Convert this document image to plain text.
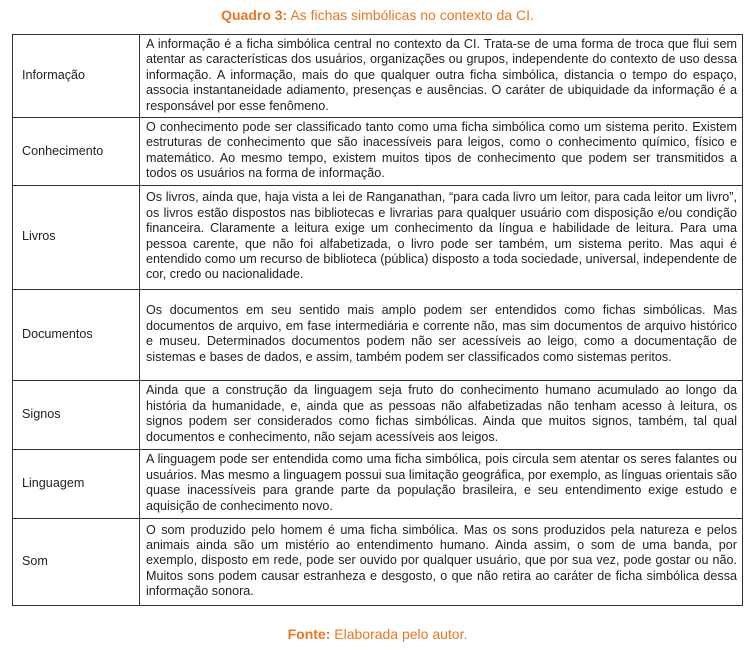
Quadro 3: As fichas simbólicas no contexto da CI.
Informação	A informação é a ficha simbólica central no contexto da CI. Trata-se de uma forma de troca que flui sem atentar as características dos usuários, organizações ou grupos, independente do contexto de uso dessa informação. A informação, mais do que qualquer outra ficha simbólica, distancia o tempo do espaço, associa instantaneidade adiamento, presenças e ausências. O caráter de ubiquidade da informação é a responsável por esse fenômeno.
Conhecimento	O conhecimento pode ser classificado tanto como uma ficha simbólica como um sistema perito. Existem estruturas de conhecimento que são inacessíveis para leigos, como o conhecimento químico, físico e matemático. Ao mesmo tempo, existem muitos tipos de conhecimento que podem ser transmitidos a todos os usuários na forma de informação.
Livros	Os livros, ainda que, haja vista a lei de Ranganathan, “para cada livro um leitor, para cada leitor um livro”, os livros estão dispostos nas bibliotecas e livrarias para qualquer usuário com disposição e/ou condição financeira. Claramente a leitura exige um conhecimento da língua e habilidade de leitura. Para uma pessoa carente, que não foi alfabetizada, o livro pode ser também, um sistema perito. Mas aqui é entendido como um recurso de biblioteca (pública) disposto a toda sociedade, universal, independente de cor, credo ou nacionalidade.
Documentos	Os documentos em seu sentido mais amplo podem ser entendidos como fichas simbólicas. Mas documentos de arquivo, em fase intermediária e corrente não, mas sim documentos de arquivo histórico e museu. Determinados documentos podem não ser acessíveis ao leigo, como a documentação de sistemas e bases de dados, e assim, também podem ser classificados como sistemas peritos.
Signos	Ainda que a construção da linguagem seja fruto do conhecimento humano acumulado ao longo da história da humanidade, e, ainda que as pessoas não alfabetizadas não tenham acesso à leitura, os signos podem ser considerados como fichas simbólicas. Ainda que muitos signos, também, tal qual documentos e conhecimento, não sejam acessíveis aos leigos.
Linguagem	A linguagem pode ser entendida como uma ficha simbólica, pois circula sem atentar os seres falantes ou usuários. Mas mesmo a linguagem possui sua limitação geográfica, por exemplo, as línguas orientais são quase inacessíveis para grande parte da população brasileira, e seu entendimento exige estudo e aquisição de conhecimento novo.
Som	O som produzido pelo homem é uma ficha simbólica. Mas os sons produzidos pela natureza e pelos animais ainda são um mistério ao entendimento humano. Ainda assim, o som de uma banda, por exemplo, disposto em rede, pode ser ouvido por qualquer usuário, que por sua vez, pode gostar ou não. Muitos sons podem causar estranheza e desgosto, o que não retira ao caráter de ficha simbólica dessa informação sonora.
Fonte: Elaborada pelo autor.
